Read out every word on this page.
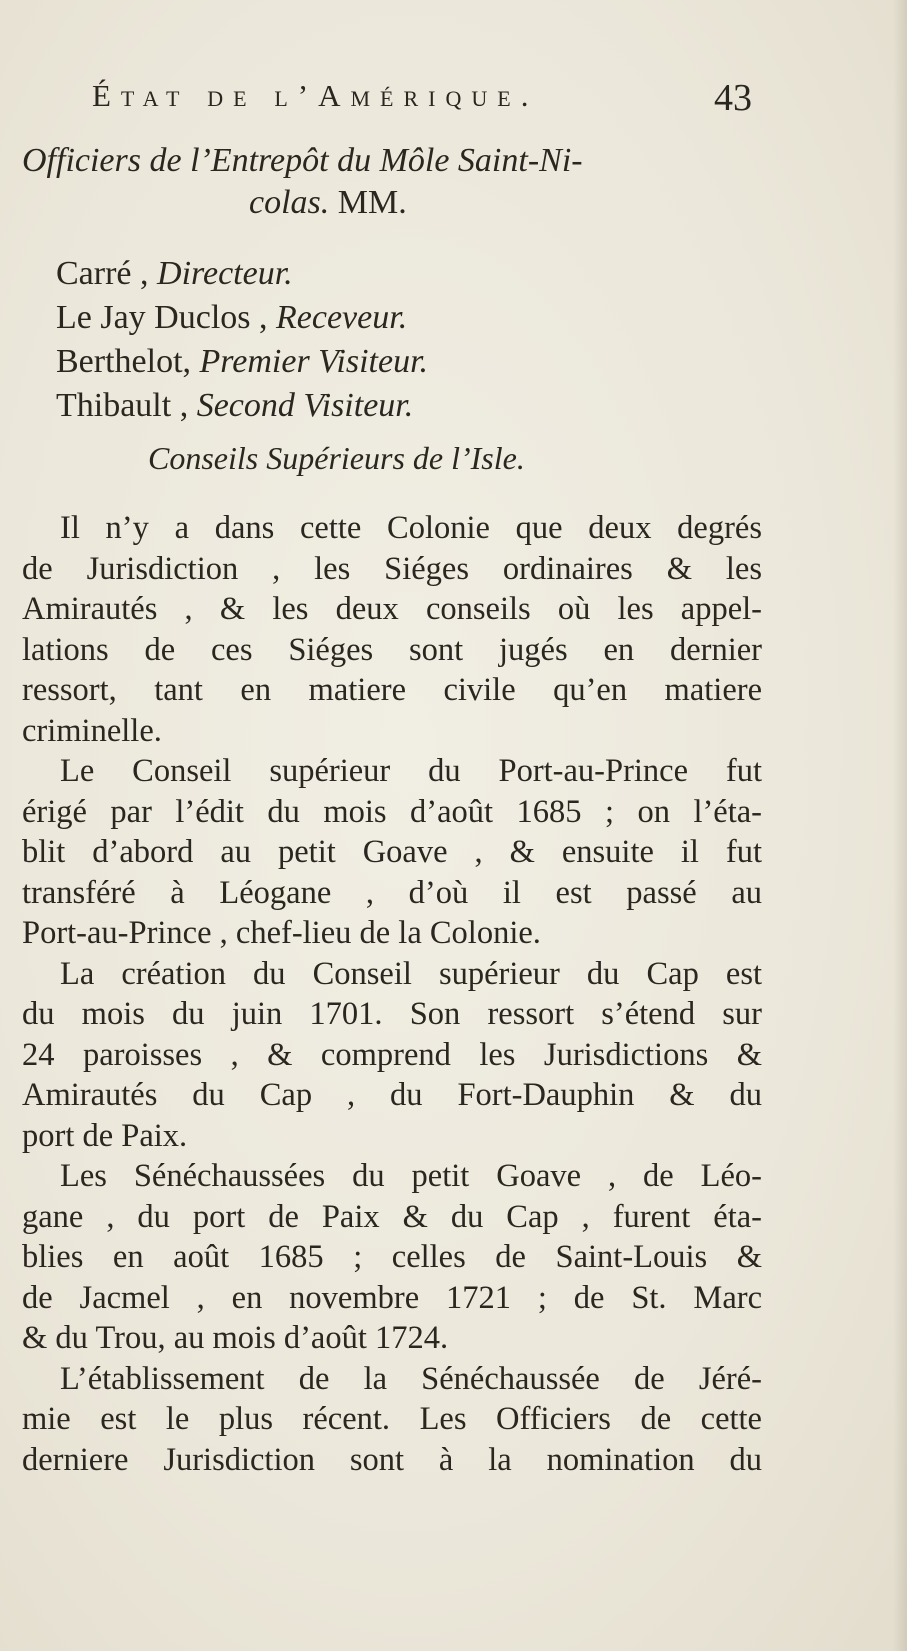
État de l’Amérique.	43
Officiers de l’Entrepôt du Môle Saint-Ni-
colas. MM.
Carré , Directeur.
Le Jay Duclos , Receveur.
Berthelot, Premier Visiteur.
Thibault , Second Visiteur.
Conseils Supérieurs de l’Isle.
Il n’y a dans cette Colonie que deux degrés
de Jurisdiction , les Siéges ordinaires & les
Amirautés , & les deux conseils où les appel-
lations de ces Siéges sont jugés en dernier
ressort, tant en matiere civile qu’en matiere
criminelle.
Le Conseil supérieur du Port-au-Prince fut
érigé par l’édit du mois d’août 1685 ; on l’éta-
blit d’abord au petit Goave , & ensuite il fut
transféré à Léogane , d’où il est passé au
Port-au-Prince , chef-lieu de la Colonie.
La création du Conseil supérieur du Cap est
du mois du juin 1701. Son ressort s’étend sur
24 paroisses , & comprend les Jurisdictions &
Amirautés du Cap , du Fort-Dauphin & du
port de Paix.
Les Sénéchaussées du petit Goave , de Léo-
gane , du port de Paix & du Cap , furent éta-
blies en août 1685 ; celles de Saint-Louis &
de Jacmel , en novembre 1721 ; de St. Marc
& du Trou, au mois d’août 1724.
L’établissement de la Sénéchaussée de Jéré-
mie est le plus récent. Les Officiers de cette
derniere Jurisdiction sont à la nomination du
